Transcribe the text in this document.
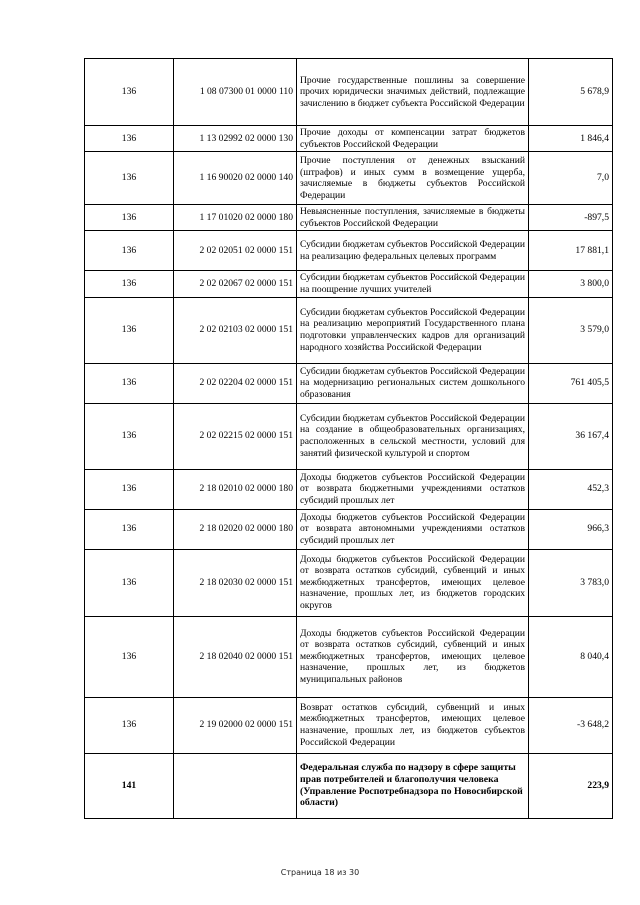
136	1 08 07300 01 0000 110	Прочие государственные пошлины за совершение прочих юридически значимых действий, подлежащие зачислению в бюджет субъекта Российской Федерации	5 678,9
136	1 13 02992 02 0000 130	Прочие доходы от компенсации затрат бюджетов субъектов Российской Федерации	1 846,4
136	1 16 90020 02 0000 140	Прочие поступления от денежных взысканий (штрафов) и иных сумм в возмещение ущерба, зачисляемые в бюджеты субъектов Российской Федерации	7,0
136	1 17 01020 02 0000 180	Невыясненные поступления, зачисляемые в бюджеты субъектов Российской Федерации	-897,5
136	2 02 02051 02 0000 151	Субсидии бюджетам субъектов Российской Федерации на реализацию федеральных целевых программ	17 881,1
136	2 02 02067 02 0000 151	Субсидии бюджетам субъектов Российской Федерации на поощрение лучших учителей	3 800,0
136	2 02 02103 02 0000 151	Субсидии бюджетам субъектов Российской Федерации на реализацию мероприятий Государственного плана подготовки управленческих кадров для организаций народного хозяйства Российской Федерации	3 579,0
136	2 02 02204 02 0000 151	Субсидии бюджетам субъектов Российской Федерации на модернизацию региональных систем дошкольного образования	761 405,5
136	2 02 02215 02 0000 151	Субсидии бюджетам субъектов Российской Федерации на создание в общеобразовательных организациях, расположенных в сельской местности, условий для занятий физической культурой и спортом	36 167,4
136	2 18 02010 02 0000 180	Доходы бюджетов субъектов Российской Федерации от возврата бюджетными учреждениями остатков субсидий прошлых лет	452,3
136	2 18 02020 02 0000 180	Доходы бюджетов субъектов Российской Федерации от возврата автономными учреждениями остатков субсидий прошлых лет	966,3
136	2 18 02030 02 0000 151	Доходы бюджетов субъектов Российской Федерации от возврата остатков субсидий, субвенций и иных межбюджетных трансфертов, имеющих целевое назначение, прошлых лет, из бюджетов городских округов	3 783,0
136	2 18 02040 02 0000 151	Доходы бюджетов субъектов Российской Федерации от возврата остатков субсидий, субвенций и иных межбюджетных трансфертов, имеющих целевое назначение, прошлых лет, из бюджетов муниципальных районов	8 040,4
136	2 19 02000 02 0000 151	Возврат остатков субсидий, субвенций и иных межбюджетных трансфертов, имеющих целевое назначение, прошлых лет, из бюджетов субъектов Российской Федерации	-3 648,2
141		Федеральная служба по надзору в сфере защиты прав потребителей и благополучия человека (Управление Роспотребнадзора по Новосибирской области)	223,9
Страница 18 из 30
